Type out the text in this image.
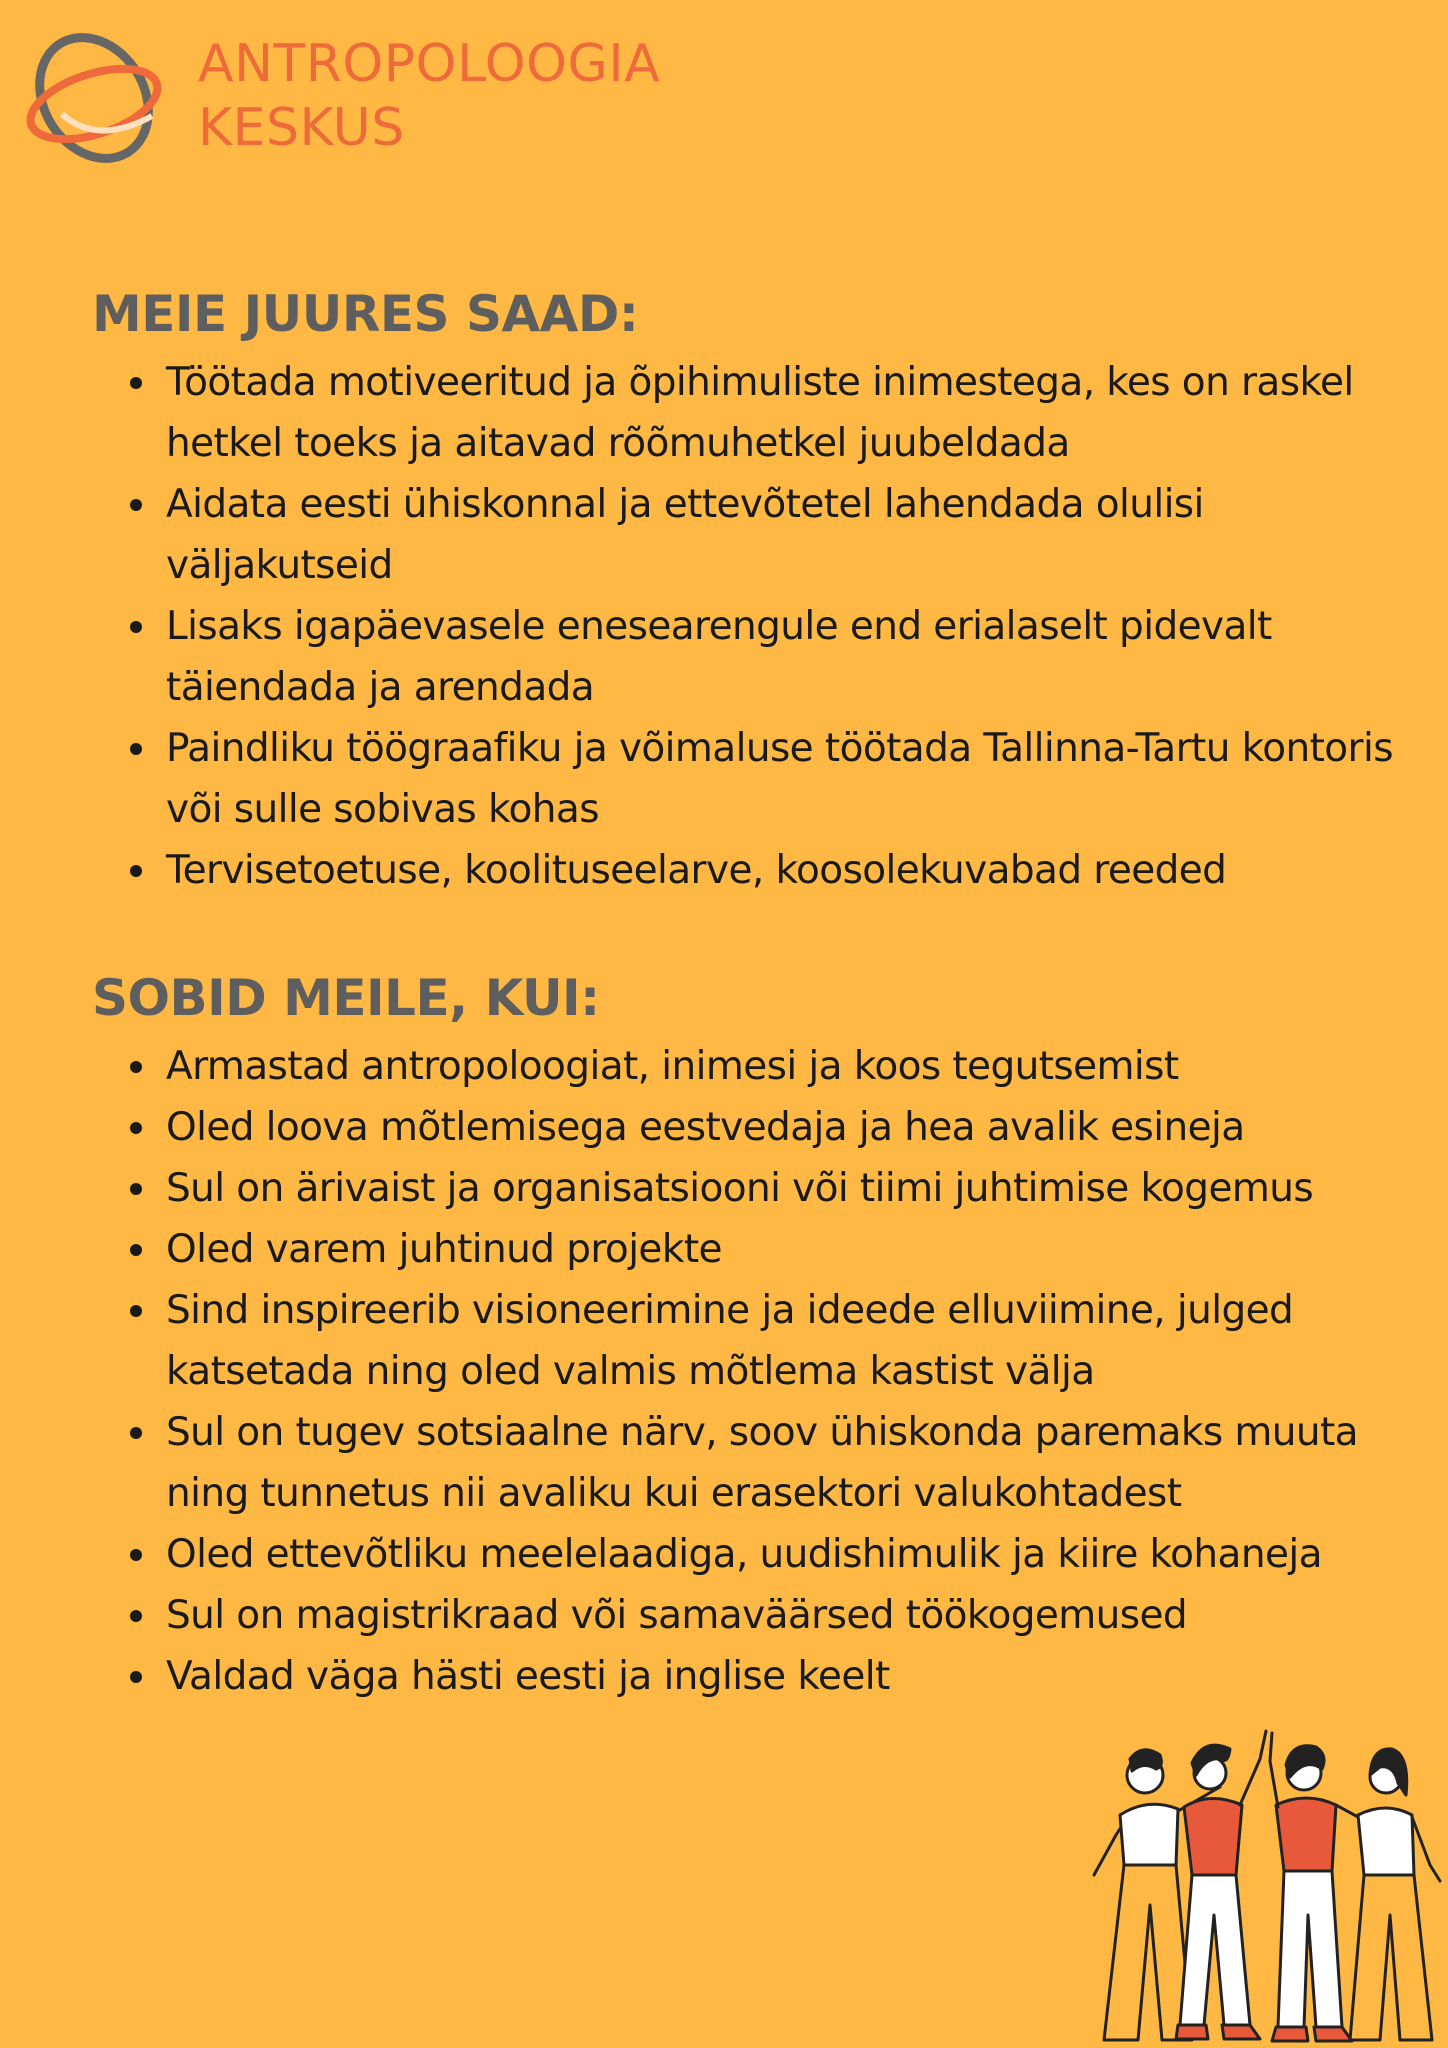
ANTROPOLOOGIA
KESKUS
MEIE JUURES SAAD:
Töötada motiveeritud ja õpihimuliste inimestega, kes on raskel hetkel toeks ja aitavad rõõmuhetkel juubeldada
Aidata eesti ühiskonnal ja ettevõtetel lahendada olulisi väljakutseid
Lisaks igapäevasele enesearengule end erialaselt pidevalt täiendada ja arendada
Paindliku töögraafiku ja võimaluse töötada Tallinna-Tartu kontoris või sulle sobivas kohas
Tervisetoetuse, koolituseelarve, koosolekuvabad reeded
SOBID MEILE, KUI:
Armastad antropoloogiat, inimesi ja koos tegutsemist
Oled loova mõtlemisega eestvedaja ja hea avalik esineja
Sul on ärivaist ja organisatsiooni või tiimi juhtimise kogemus
Oled varem juhtinud projekte
Sind inspireerib visioneerimine ja ideede elluviimine, julged katsetada ning oled valmis mõtlema kastist välja
Sul on tugev sotsiaalne närv, soov ühiskonda paremaks muuta ning tunnetus nii avaliku kui erasektori valukohtadest
Oled ettevõtliku meelelaadiga, uudishimulik ja kiire kohaneja
Sul on magistrikraad või samaväärsed töökogemused
Valdad väga hästi eesti ja inglise keelt
